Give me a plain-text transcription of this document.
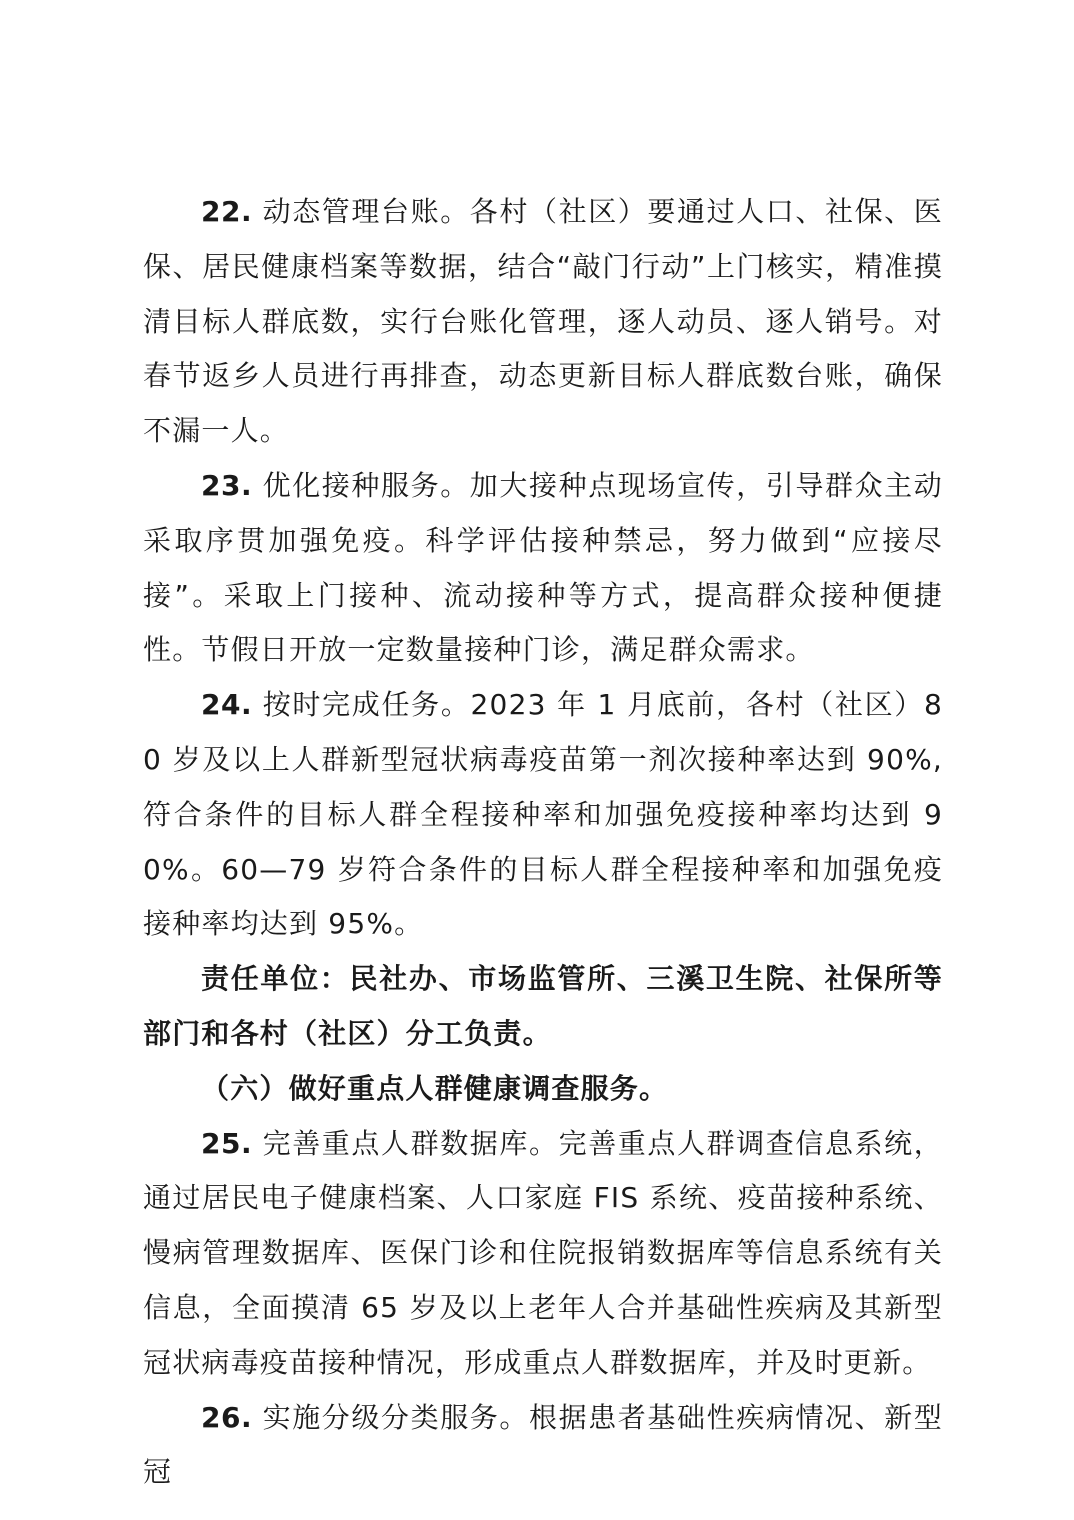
22. 动态管理台账。各村（社区）要通过人口、社保、医保、居民健康档案等数据，结合“敲门行动”上门核实，精准摸清目标人群底数，实行台账化管理，逐人动员、逐人销号。对春节返乡人员进行再排查，动态更新目标人群底数台账，确保不漏一人。

23. 优化接种服务。加大接种点现场宣传，引导群众主动采取序贯加强免疫。科学评估接种禁忌，努力做到“应接尽接”。采取上门接种、流动接种等方式，提高群众接种便捷性。节假日开放一定数量接种门诊，满足群众需求。

24. 按时完成任务。2023 年 1 月底前，各村（社区）80 岁及以上人群新型冠状病毒疫苗第一剂次接种率达到 90%,符合条件的目标人群全程接种率和加强免疫接种率均达到 90%。60—79 岁符合条件的目标人群全程接种率和加强免疫接种率均达到 95%。

责任单位：民社办、市场监管所、三溪卫生院、社保所等部门和各村（社区）分工负责。

（六）做好重点人群健康调查服务。

25. 完善重点人群数据库。完善重点人群调查信息系统，通过居民电子健康档案、人口家庭 FIS 系统、疫苗接种系统、慢病管理数据库、医保门诊和住院报销数据库等信息系统有关信息，全面摸清 65 岁及以上老年人合并基础性疾病及其新型冠状病毒疫苗接种情况，形成重点人群数据库，并及时更新。

26. 实施分级分类服务。根据患者基础性疾病情况、新型冠
